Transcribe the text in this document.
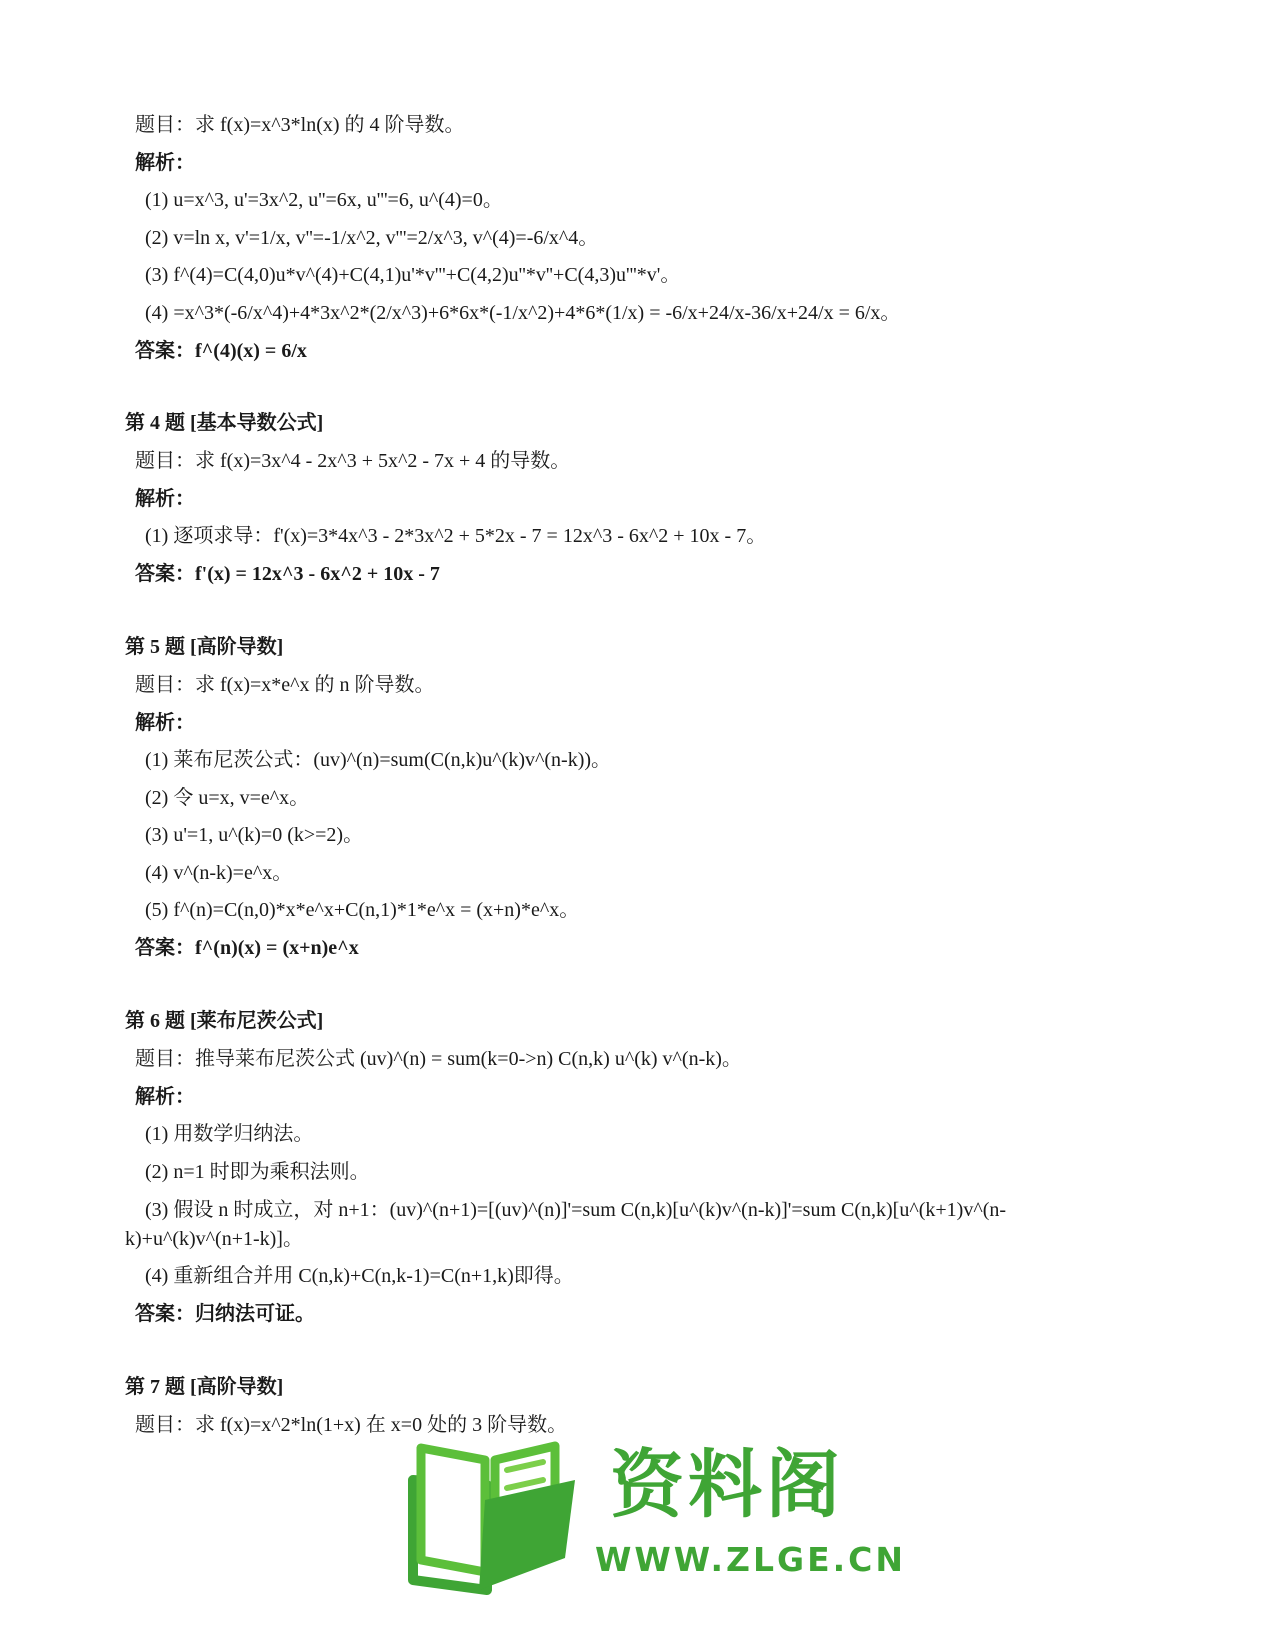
题目：求 f(x)=x^3*ln(x) 的 4 阶导数。
解析：
(1) u=x^3, u'=3x^2, u''=6x, u'''=6, u^(4)=0。
(2) v=ln x, v'=1/x, v''=-1/x^2, v'''=2/x^3, v^(4)=-6/x^4。
(3) f^(4)=C(4,0)u*v^(4)+C(4,1)u'*v'''+C(4,2)u''*v''+C(4,3)u'''*v'。
(4) =x^3*(-6/x^4)+4*3x^2*(2/x^3)+6*6x*(-1/x^2)+4*6*(1/x) = -6/x+24/x-36/x+24/x = 6/x。
答案：f^(4)(x) = 6/x
第 4 题 [基本导数公式]
题目：求 f(x)=3x^4 - 2x^3 + 5x^2 - 7x + 4 的导数。
解析：
(1) 逐项求导：f'(x)=3*4x^3 - 2*3x^2 + 5*2x - 7 = 12x^3 - 6x^2 + 10x - 7。
答案：f'(x) = 12x^3 - 6x^2 + 10x - 7
第 5 题 [高阶导数]
题目：求 f(x)=x*e^x 的 n 阶导数。
解析：
(1) 莱布尼茨公式：(uv)^(n)=sum(C(n,k)u^(k)v^(n-k))。
(2) 令 u=x, v=e^x。
(3) u'=1, u^(k)=0 (k>=2)。
(4) v^(n-k)=e^x。
(5) f^(n)=C(n,0)*x*e^x+C(n,1)*1*e^x = (x+n)*e^x。
答案：f^(n)(x) = (x+n)e^x
第 6 题 [莱布尼茨公式]
题目：推导莱布尼茨公式 (uv)^(n) = sum(k=0->n) C(n,k) u^(k) v^(n-k)。
解析：
(1) 用数学归纳法。
(2) n=1 时即为乘积法则。
(3) 假设 n 时成立，对 n+1：(uv)^(n+1)=[(uv)^(n)]'=sum C(n,k)[u^(k)v^(n-k)]'=sum C(n,k)[u^(k+1)v^(n-
k)+u^(k)v^(n+1-k)]。
(4) 重新组合并用 C(n,k)+C(n,k-1)=C(n+1,k)即得。
答案：归纳法可证。
第 7 题 [高阶导数]
题目：求 f(x)=x^2*ln(1+x) 在 x=0 处的 3 阶导数。
资料阁
WWW.ZLGE.CN
